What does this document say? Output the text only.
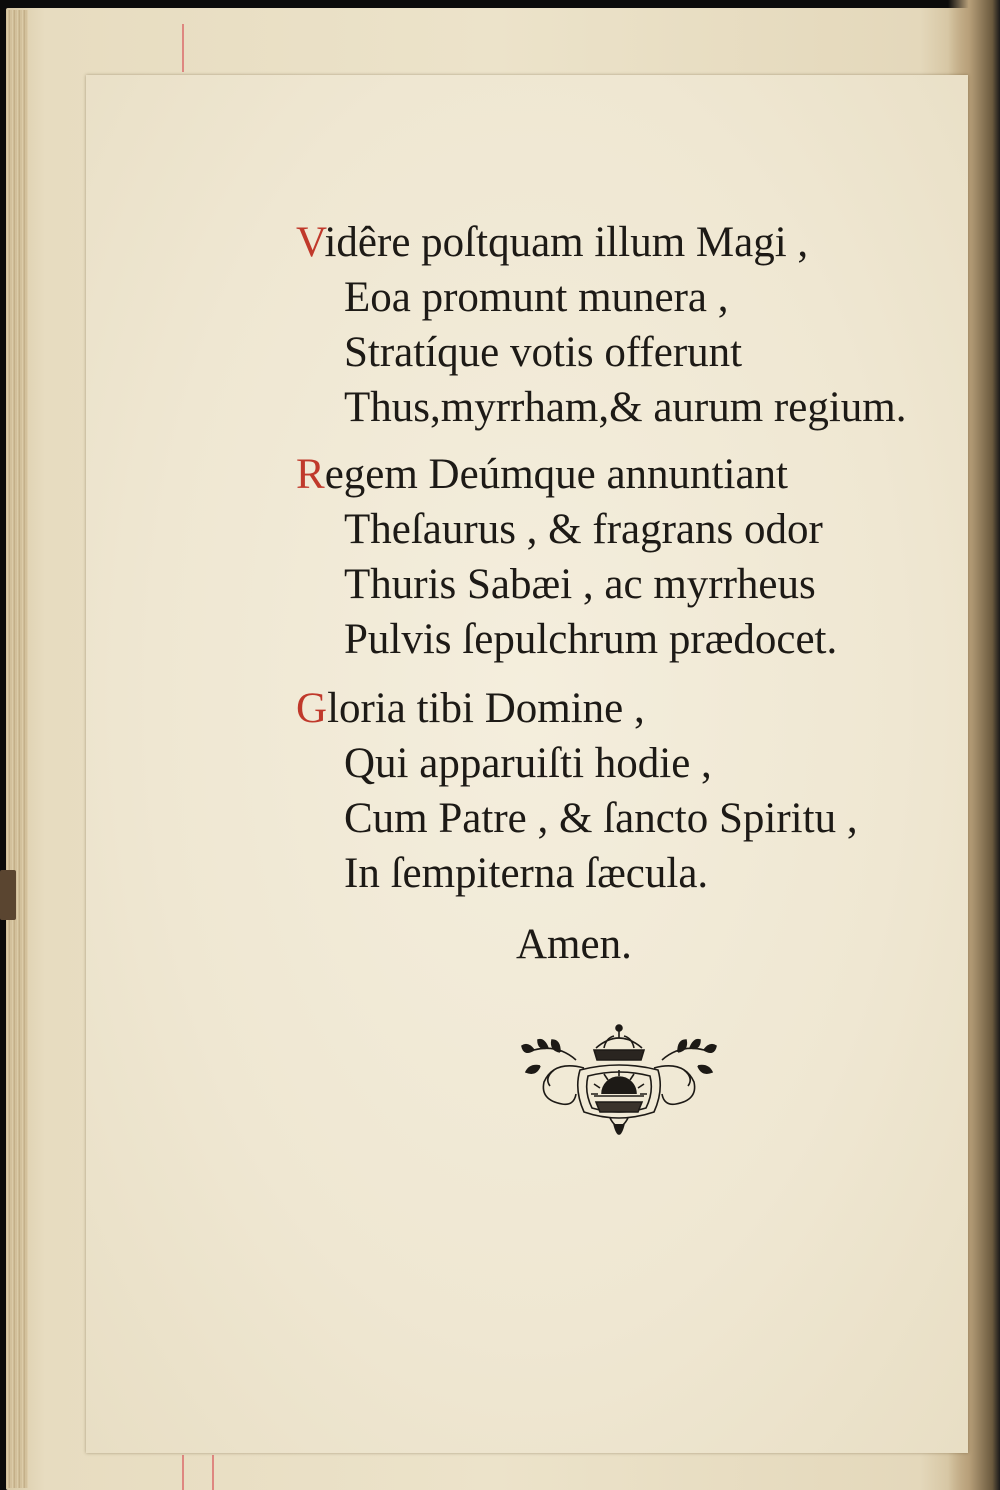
Vidêre poſtquam illum Magi ,
Eoa promunt munera ,
Stratíque votis offerunt
Thus,myrrham,& aurum regium.
Regem Deúmque annuntiant
Theſaurus , & fragrans odor
Thuris Sabæi , ac myrrheus
Pulvis ſepulchrum prædocet.
Gloria tibi Domine ,
Qui apparuiſti hodie ,
Cum Patre , & ſancto Spiritu ,
In ſempiterna ſæcula.
Amen.
